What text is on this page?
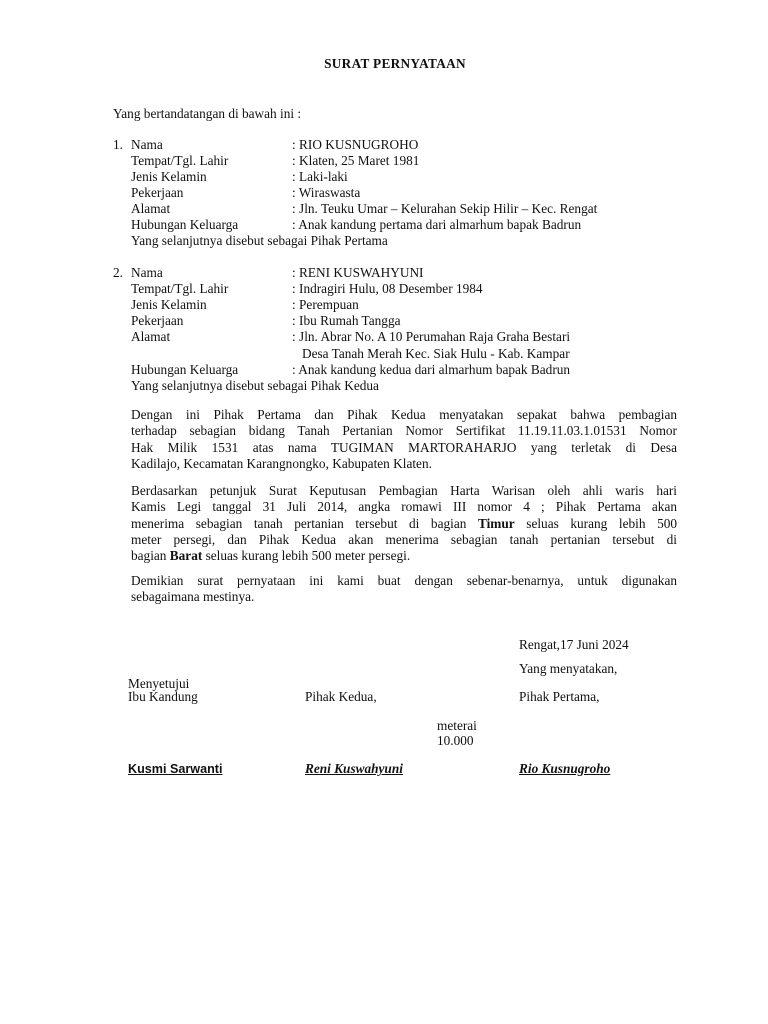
SURAT PERNYATAAN
Yang bertandatangan di bawah ini :
1. Nama	: RIO KUSNUGROHO
Tempat/Tgl. Lahir	: Klaten, 25 Maret 1981
Jenis Kelamin	: Laki-laki
Pekerjaan	: Wiraswasta
Alamat	: Jln. Teuku Umar – Kelurahan Sekip Hilir – Kec. Rengat
Hubungan Keluarga	: Anak kandung pertama dari almarhum bapak Badrun
Yang selanjutnya disebut sebagai Pihak Pertama
2. Nama	: RENI KUSWAHYUNI
Tempat/Tgl. Lahir	: Indragiri Hulu, 08 Desember 1984
Jenis Kelamin	: Perempuan
Pekerjaan	: Ibu Rumah Tangga
Alamat	: Jln. Abrar No. A 10 Perumahan Raja Graha Bestari
Desa Tanah Merah Kec. Siak Hulu - Kab. Kampar
Hubungan Keluarga	: Anak kandung kedua dari almarhum bapak Badrun
Yang selanjutnya disebut sebagai Pihak Kedua
Dengan ini Pihak Pertama dan Pihak Kedua menyatakan sepakat bahwa pembagian
terhadap sebagian bidang Tanah Pertanian Nomor Sertifikat 11.19.11.03.1.01531 Nomor
Hak Milik 1531 atas nama TUGIMAN MARTORAHARJO yang terletak di Desa
Kadilajo, Kecamatan Karangnongko, Kabupaten Klaten.
Berdasarkan petunjuk Surat Keputusan Pembagian Harta Warisan oleh ahli waris hari
Kamis Legi tanggal 31 Juli 2014, angka romawi III nomor 4 ; Pihak Pertama akan
menerima sebagian tanah pertanian tersebut di bagian Timur seluas kurang lebih 500
meter persegi, dan Pihak Kedua akan menerima sebagian tanah pertanian tersebut di
bagian Barat seluas kurang lebih 500 meter persegi.
Demikian surat pernyataan ini kami buat dengan sebenar-benarnya, untuk digunakan
sebagaimana mestinya.
Rengat,17 Juni 2024
Yang menyatakan,
Menyetujui
Ibu Kandung	Pihak Kedua,	Pihak Pertama,
meterai
10.000
Kusmi Sarwanti	Reni Kuswahyuni	Rio Kusnugroho
